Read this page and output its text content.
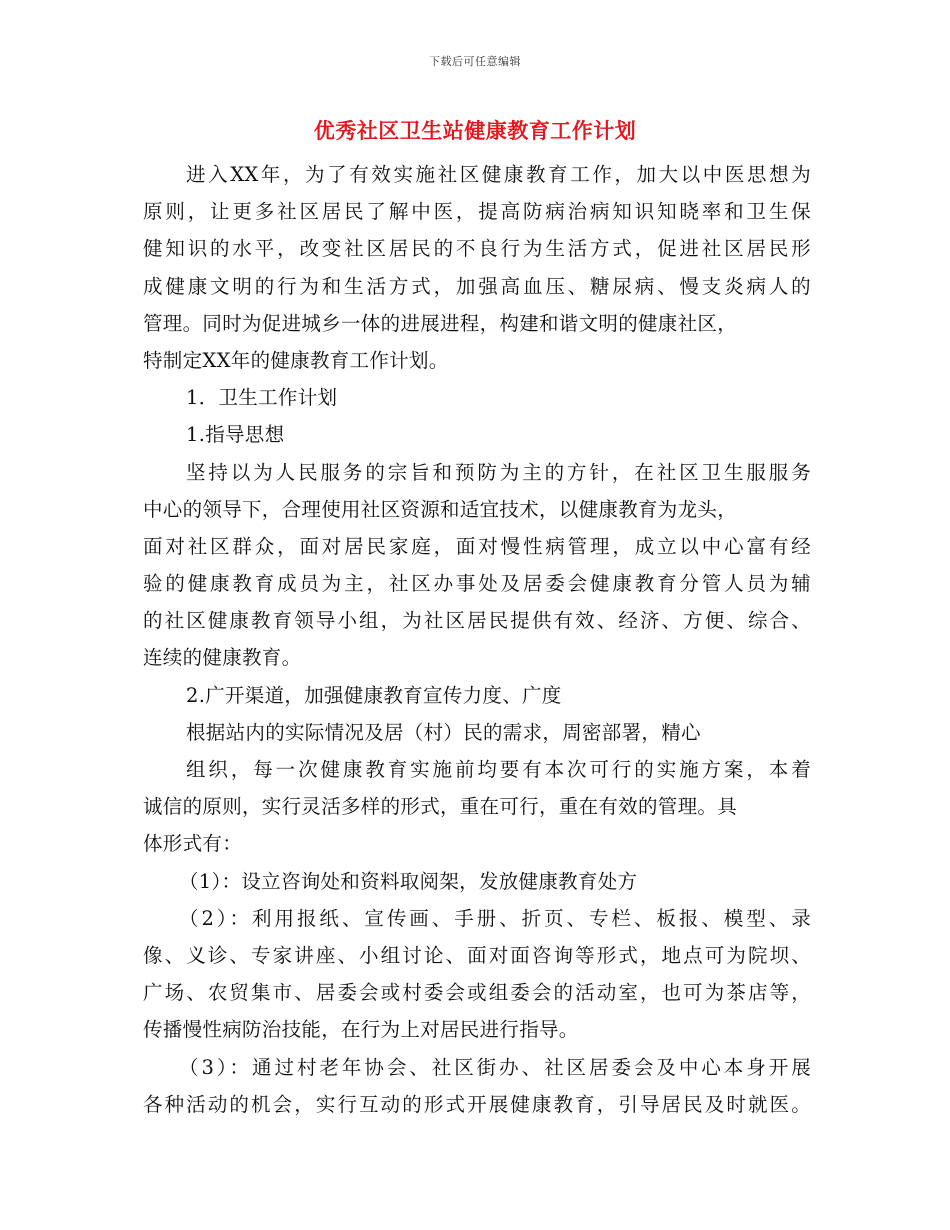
下载后可任意编辑
优秀社区卫生站健康教育工作计划
进入XX年，为了有效实施社区健康教育工作，加大以中医思想为
原则，让更多社区居民了解中医，提高防病治病知识知晓率和卫生保
健知识的水平，改变社区居民的不良行为生活方式，促进社区居民形
成健康文明的行为和生活方式，加强高血压、糖尿病、慢支炎病人的
管理。同时为促进城乡一体的进展进程，构建和谐文明的健康社区，
特制定XX年的健康教育工作计划。
1．卫生工作计划
1.指导思想
坚持以为人民服务的宗旨和预防为主的方针，在社区卫生服服务
中心的领导下，合理使用社区资源和适宜技术，以健康教育为龙头，
面对社区群众，面对居民家庭，面对慢性病管理，成立以中心富有经
验的健康教育成员为主，社区办事处及居委会健康教育分管人员为辅
的社区健康教育领导小组，为社区居民提供有效、经济、方便、综合、
连续的健康教育。
2.广开渠道，加强健康教育宣传力度、广度
根据站内的实际情况及居（村）民的需求，周密部署，精心
组织，每一次健康教育实施前均要有本次可行的实施方案，本着
诚信的原则，实行灵活多样的形式，重在可行，重在有效的管理。具
体形式有：
（1）：设立咨询处和资料取阅架，发放健康教育处方
（2）：利用报纸、宣传画、手册、折页、专栏、板报、模型、录
像、义诊、专家讲座、小组讨论、面对面咨询等形式，地点可为院坝、
广场、农贸集市、居委会或村委会或组委会的活动室，也可为茶店等，
传播慢性病防治技能，在行为上对居民进行指导。
（3）：通过村老年协会、社区街办、社区居委会及中心本身开展
各种活动的机会，实行互动的形式开展健康教育，引导居民及时就医。
